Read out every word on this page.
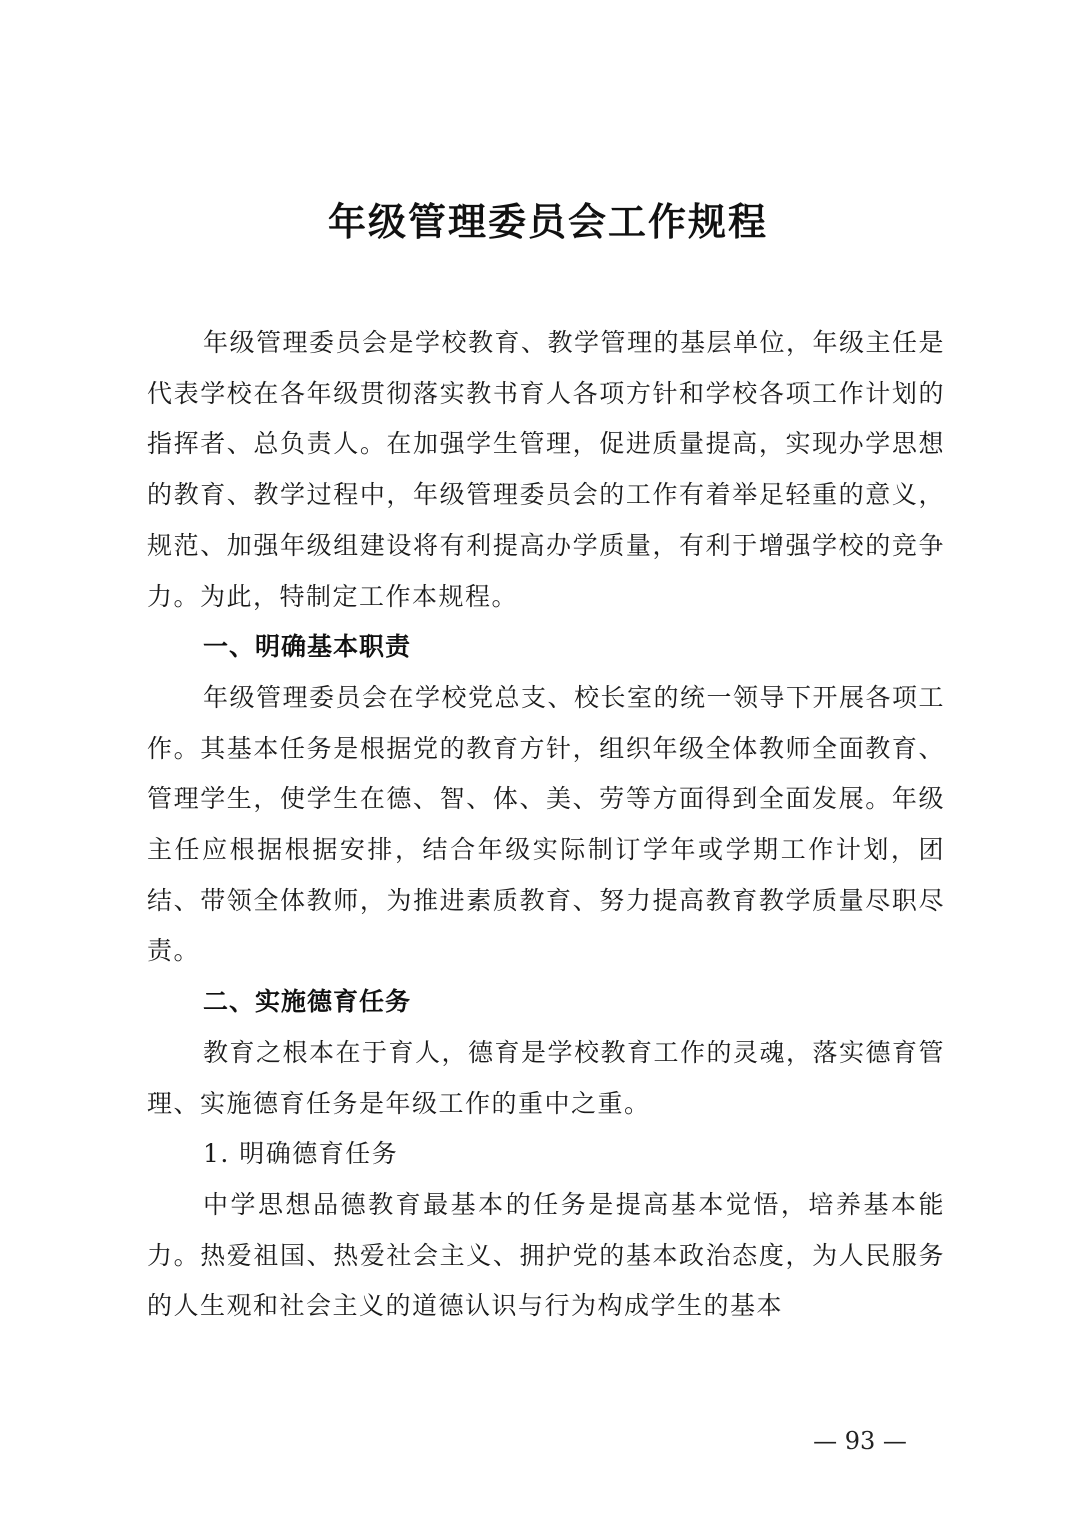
年级管理委员会工作规程

年级管理委员会是学校教育、教学管理的基层单位，年级主任是代表学校在各年级贯彻落实教书育人各项方针和学校各项工作计划的指挥者、总负责人。在加强学生管理，促进质量提高，实现办学思想的教育、教学过程中，年级管理委员会的工作有着举足轻重的意义，规范、加强年级组建设将有利提高办学质量，有利于增强学校的竞争力。为此，特制定工作本规程。

一、明确基本职责

年级管理委员会在学校党总支、校长室的统一领导下开展各项工作。其基本任务是根据党的教育方针，组织年级全体教师全面教育、管理学生，使学生在德、智、体、美、劳等方面得到全面发展。年级主任应根据根据安排，结合年级实际制订学年或学期工作计划，团结、带领全体教师，为推进素质教育、努力提高教育教学质量尽职尽责。

二、实施德育任务

教育之根本在于育人，德育是学校教育工作的灵魂，落实德育管理、实施德育任务是年级工作的重中之重。

1. 明确德育任务

中学思想品德教育最基本的任务是提高基本觉悟，培养基本能力。热爱祖国、热爱社会主义、拥护党的基本政治态度，为人民服务的人生观和社会主义的道德认识与行为构成学生的基本

— 93 —
